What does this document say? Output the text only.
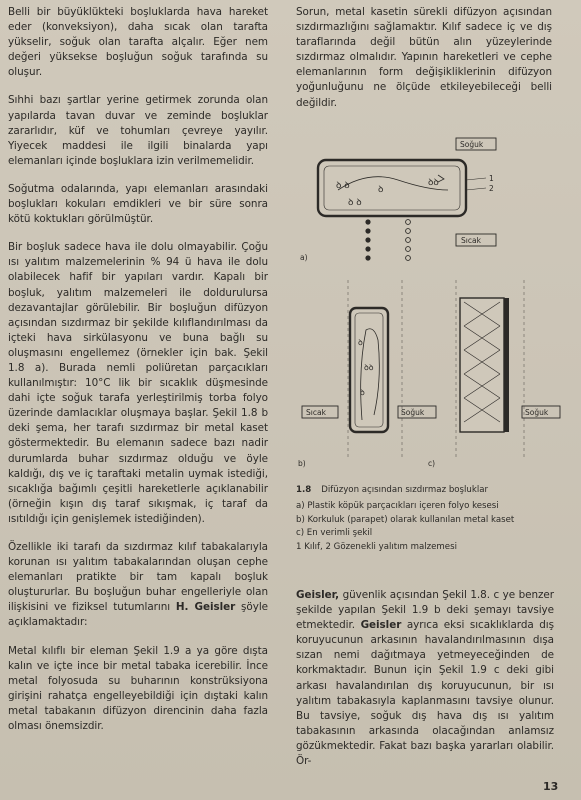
Belli bir büyüklükteki boşluklarda hava hareket eder (konveksiyon), daha sıcak olan tarafta yükselir, soğuk olan tarafta alçalır. Eğer nem değeri yükseksе boşluğun soğuk tarafında su oluşur.

Sıhhi bazı şartlar yerine getirmek zorunda olan yapılarda tavan duvar ve zeminde boşluklar zararlıdır, küf ve tohumları çevreye yayılır. Yiyecek maddesi ile ilgili binalarda yapı elemanları içinde boşluklara izin verilmemelidir.

Soğutma odalarında, yapı elemanları arasındaki boşlukları kokuları emdikleri ve bir süre sonra kötü koktukları görülmüştür.

Bir boşluk sadece hava ile dolu olmayabilir. Çoğu ısı yalıtım malzemelerinin % 94 ü hava ile dolu olabilecek hafif bir yapıları vardır. Kapalı bir boşluk, yalıtım malzemeleri ile doldurulursa dezavantajlar görülebilir. Bir boşluğun difüzyon açısından sızdırmaz bir şekilde kılıflandırılması da içteki hava sirkülasyonu ve buna bağlı su oluşmasını engellemez (örnekler için bak. Şekil 1.8 a). Burada nemli poliüretan parçacıkları kullanılmıştır: 10°C lik bir sıcaklık düşmesinde dahi içte soğuk tarafa yerleştirilmiş torba folyo üzerinde damlacıklar oluşmaya başlar. Şekil 1.8 b deki şema, her tarafı sızdırmaz bir metal kaset göstermektedir. Bu elemanın sadece bazı nadir durumlarda buhar sızdırmaz olduğu ve öyle kaldığı, dış ve iç taraftaki metalin uymak istediği, sıcaklığa bağımlı çeşitli hareketlerle açıklanabilir (örneğin kışın dış taraf sıkışmak, iç taraf da ısıtıldığı için genişlemek istediğinden).

Özellikle iki tarafı da sızdırmaz kılıf tabakalarıyla korunan ısı yalıtım tabakalarından oluşan cephe elemanları pratikte bir tam kapalı boşluk oluştururlar. Bu boşluğun buhar engelleriyle olan ilişkisini ve fiziksel tutumlarını H. Geisler şöyle açıklamaktadır:

Metal kılıflı bir eleman Şekil 1.9 a ya göre dışta kalın ve içte ince bir metal tabaka icerebilir. İnce metal folyosuda su buharının konstrüksiyona girişini rahatça engelleyebildiği için dıştaki kalın metal tabakanın difüzyon direncinin daha fazla olması önemsizdir.

Sorun, metal kasetin sürekli difüzyon açısından sızdırmazlığını sağlamaktır. Kılıf sadece iç ve dış taraflarında değil bütün alın yüzeylerinde sızdırmaz olmalıdır. Yapının hareketleri ve cephe elemanlarının form değişikliklerinin difüzyon yoğunluğunu ne ölçüde etkileyebileceği belli değildir.

Soğuk
ꝺ ꝺ	ꝺ
ꝺꝺ
ꝺ ꝺ
1
2
Sıcak
a)
ꝺ
ꝺꝺ
ꝺ
Sıcak	Soğuk
b)
Soğuk
c)
1.8 Difüzyon açısından sızdırmaz boşluklar
a) Plastik köpük parçacıkları içeren folyo kesesi
b) Korkuluk (parapet) olarak kullanılan metal kaset
c) En verimli şekil
1 Kılıf, 2 Gözenekli yalıtım malzemesi

Geisler, güvenlik açısından Şekil 1.8. c ye benzer şekilde yapılan Şekil 1.9 b deki şemayı tavsiye etmektedir. Geisler ayrıca eksi sıcaklıklarda dış koruyucunun arkasının havalandırılmasının dışa sızan nemi dağıtmaya yetmeyeceğinden de korkmaktadır. Bunun için Şekil 1.9 c deki gibi arkası havalandırılan dış koruyucunun, bir ısı yalıtım tabakasıyla kaplanmasını tavsiye olunur. Bu tavsiye, soğuk dış hava dış ısı yalıtım tabakasının arkasında olacağından anlamsız gözükmektedir. Fakat bazı başka yararları olabilir. Ör-

13
